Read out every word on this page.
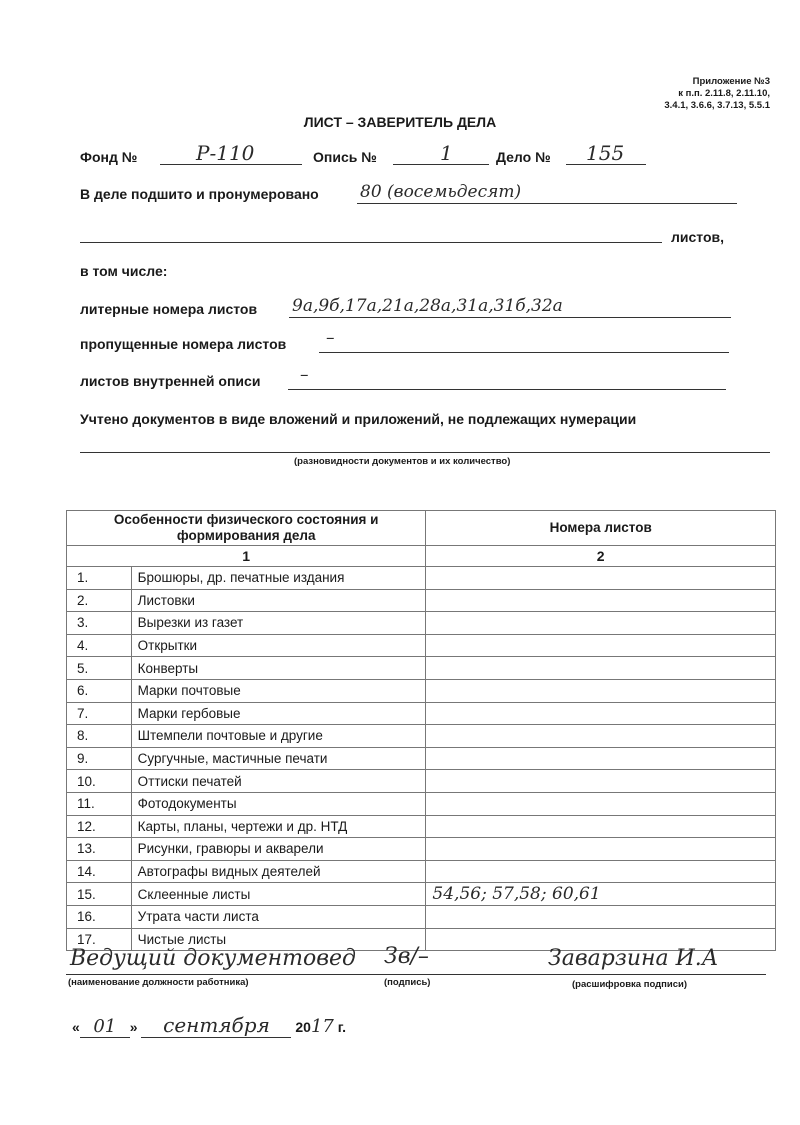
Приложение №3
к п.п. 2.11.8, 2.11.10,
3.4.1, 3.6.6, 3.7.13, 5.5.1
ЛИСТ – ЗАВЕРИТЕЛЬ ДЕЛА
Фонд №	Р-110	Опись №	1	Дело № 155
В деле подшито и пронумеровано 80 (восемьдесят)
листов,
в том числе:
литерные номера листов 9а,9б,17а,21а,28а,31а,31б,32а
пропущенные номера листов –
листов внутренней описи –
Учтено документов в виде вложений и приложений, не подлежащих нумерации
(разновидности документов и их количество)
Особенности физического состояния и формирования дела		Номера листов
1		2
1.	Брошюры, др. печатные издания	
2.	Листовки	
3.	Вырезки из газет	
4.	Открытки	
5.	Конверты	
6.	Марки почтовые	
7.	Марки гербовые	
8.	Штемпели почтовые и другие	
9.	Сургучные, мастичные печати	
10.	Оттиски печатей	
11.	Фотодокументы	
12.	Карты, планы, чертежи и др. НТД	
13.	Рисунки, гравюры и акварели	
14.	Автографы видных деятелей	
15.	Склеенные листы	54,56; 57,58; 60,61
16.	Утрата части листа	
17.	Чистые листы	
Ведущий документовед
(наименование должности работника)
Зв/–
(подпись)
Заварзина И.А
(расшифровка подписи)
« 01 » сентября 2017 г.
